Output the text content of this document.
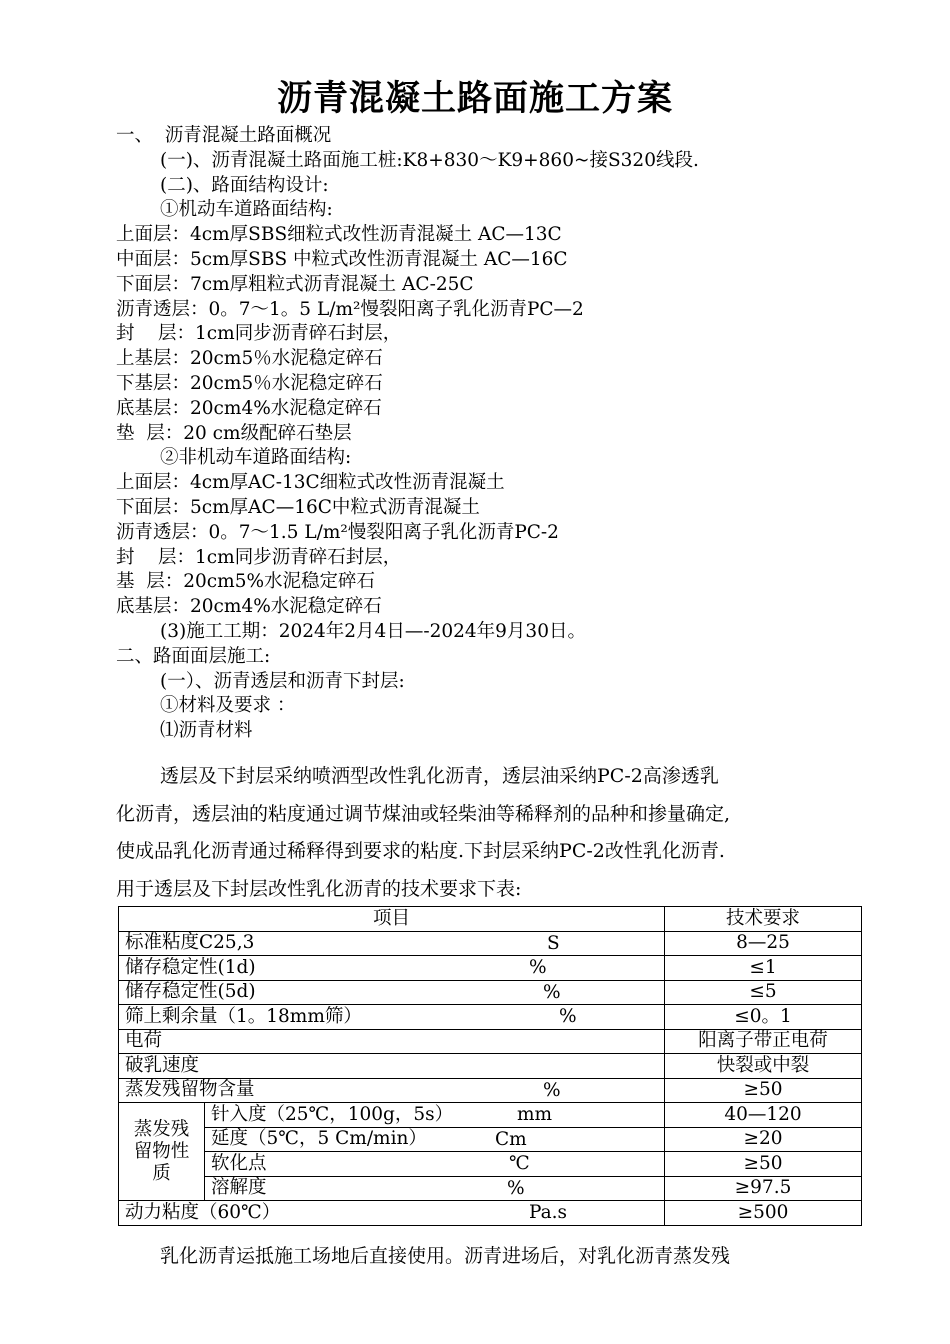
沥青混凝土路面施工方案
一、  沥青混凝土路面概况
(一)、沥青混凝土路面施工桩:K8+830～K9+860~接S320线段.
(二)、路面结构设计:
①机动车道路面结构:
上面层：4cm厚SBS细粒式改性沥青混凝土 AC—13C
中面层：5cm厚SBS 中粒式改性沥青混凝土 AC—16C
下面层：7cm厚粗粒式沥青混凝土 AC-25C
沥青透层：0。7～1。5 L/m²慢裂阳离子乳化沥青PC—2
封    层：1cm同步沥青碎石封层，
上基层：20cm5％水泥稳定碎石
下基层：20cm5％水泥稳定碎石
底基层：20cm4%水泥稳定碎石
垫  层：20 cm级配碎石垫层
②非机动车道路面结构:
上面层：4cm厚AC-13C细粒式改性沥青混凝土
下面层：5cm厚AC—16C中粒式沥青混凝土
沥青透层：0。7～1.5 L/m²慢裂阳离子乳化沥青PC-2
封    层：1cm同步沥青碎石封层，
基  层：20cm5%水泥稳定碎石
底基层：20cm4%水泥稳定碎石
(3)施工工期：2024年2月4日—-2024年9月30日。
二、路面面层施工:
(一）、沥青透层和沥青下封层:
①材料及要求 ：
⑴沥青材料
透层及下封层采纳喷洒型改性乳化沥青，透层油采纳PC-2高渗透乳
化沥青，透层油的粘度通过调节煤油或轻柴油等稀释剂的品种和掺量确定,
使成品乳化沥青通过稀释得到要求的粘度.下封层采纳PC-2改性乳化沥青.
用于透层及下封层改性乳化沥青的技术要求下表:
项目		技术要求
标准粘度C25,3 S		8—25
储存稳定性(1d) %		≤1
储存稳定性(5d) %		≤5
筛上剩余量（1。18mm筛） %		≤0。1
电荷		阳离子带正电荷
破乳速度		快裂或中裂
蒸发残留物含量 %		≥50
蒸发残
留物性
质	针入度（25℃，100g，5s） mm	40—120
	延度（5℃，5 Cm/min） Cm	≥20
	软化点 ℃	≥50
	溶解度 %	≥97.5
动力粘度（60℃） Pa.s		≥500
乳化沥青运抵施工场地后直接使用。沥青进场后，对乳化沥青蒸发残
